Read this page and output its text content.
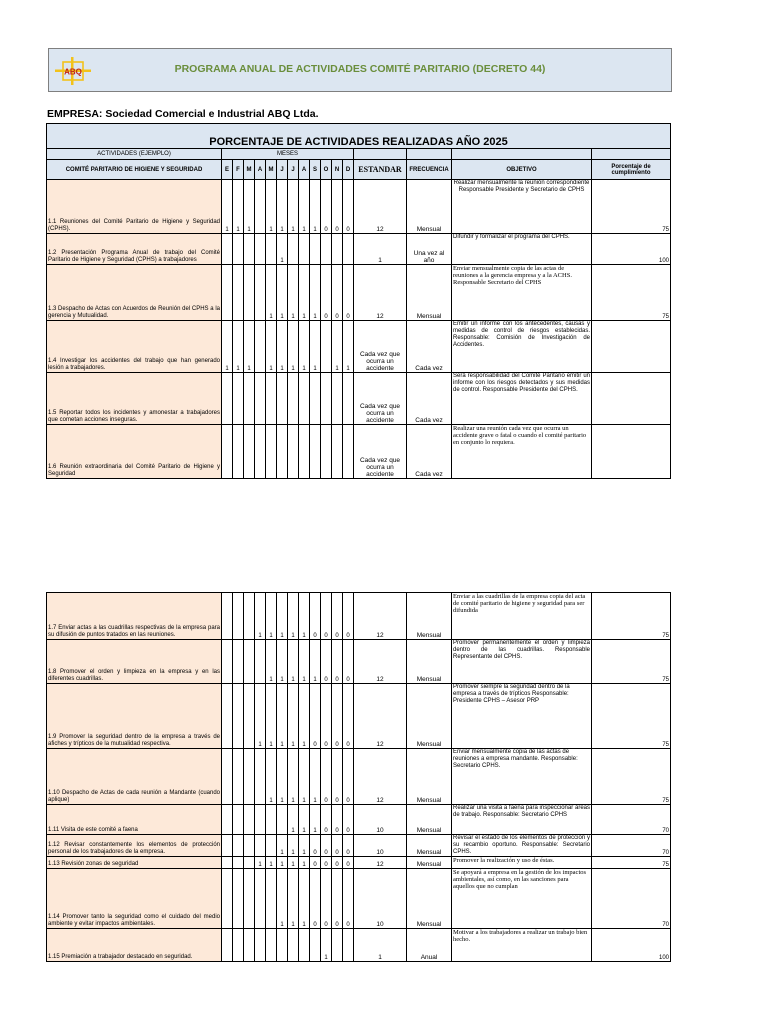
ABQ	PROGRAMA ANUAL DE ACTIVIDADES COMITÉ PARITARIO (DECRETO 44)
EMPRESA: Sociedad Comercial e Industrial ABQ Ltda.
PORCENTAJE DE ACTIVIDADES REALIZADAS AÑO 2025																
ACTIVIDADES (EJEMPLO)	MESES															
COMITÉ PARITARIO DE HIGIENE Y SEGURIDAD	E	F	M	A	M	J	J	A	S	O	N	D	ESTANDAR	FRECUENCIA	OBJETIVO	Porcentaje de cumplimiento
1.1 Reuniones del Comité Paritario de Higiene y Seguridad (CPHS).	1	1	1		1	1	1	1	1	0	0	0	12	Mensual	Realizar mensualmente la reunión correspondiente Responsable Presidente y Secretario de CPHS	75
1.2 Presentación Programa Anual de trabajo del Comité Paritario de Higiene y Seguridad (CPHS) a trabajadores						1							1	Una vez al año	Difundir y formalizar el programa del CPHS.	100
1.3 Despacho de Actas con Acuerdos de Reunión del CPHS a la gerencia y Mutualidad.					1	1	1	1	1	0	0	0	12	Mensual	Enviar mensualmente copia de las actas de reuniones a la gerencia empresa y a la ACHS. Responsable Secretario del CPHS	75
1.4 Investigar los accidentes del trabajo que han generado lesión a trabajadores.	1	1	1		1	1	1	1	1		1	1	Cada vez que ocurra un accidente	Cada vez	Emitir un informe con los antecedentes, causas y medidas de control de riesgos establecidas. Responsable: Comisión de Investigación de Accidentes.	
1.5 Reportar todos los incidentes y amonestar a trabajadores que cometan acciones inseguras.													Cada vez que ocurra un accidente	Cada vez	Será responsabilidad del Comité Paritario emitir un informe con los riesgos detectados y sus medidas de control. Responsable Presidente del CPHS.	
1.6 Reunión extraordinaria del Comité Paritario de Higiene y Seguridad													Cada vez que ocurra un accidente	Cada vez	Realizar una reunión cada vez que ocurra un accidente grave o fatal o cuando el comité paritario en conjunto lo requiera.	
1.7 Enviar actas a las cuadrillas respectivas de la empresa para su difusión de puntos tratados en las reuniones.				1	1	1	1	1	0	0	0	0	12	Mensual	Enviar a las cuadrillas de la empresa copia del acta de comité paritario de higiene y seguridad para ser difundida	75
1.8 Promover el orden y limpieza en la empresa y en las diferentes cuadrillas.					1	1	1	1	1	0	0	0	12	Mensual	Promover permanentemente el orden y limpieza dentro de las cuadrillas. Responsable Representante del CPHS.	75
1.9 Promover la seguridad dentro de la empresa a través de afiches y trípticos de la mutualidad respectiva.				1	1	1	1	1	0	0	0	0	12	Mensual	Promover siempre la seguridad dentro de la empresa a través de trípticos Responsable: Presidente CPHS – Asesor PRP	75
1.10 Despacho de Actas de cada reunión a Mandante (cuando aplique)					1	1	1	1	1	0	0	0	12	Mensual	Enviar mensualmente copia de las actas de reuniones a empresa mandante. Responsable: Secretario CPHS.	75
1.11 Visita de este comité a faena							1	1	1	0	0	0	10	Mensual	Realizar una visita a faena para inspeccionar áreas de trabajo. Responsable: Secretario CPHS	70
1.12 Revisar constantemente los elementos de protección personal de los trabajadores de la empresa.						1	1	1	0	0	0	0	10	Mensual	Revisar el estado de los elementos de protección y su recambio oportuno. Responsable: Secretario CPHS.	70
1.13 Revisión zonas de seguridad				1	1	1	1	1	0	0	0	0	12	Mensual	Promover la realización y uso de éstas.	75
1.14 Promover tanto la seguridad como el cuidado del medio ambiente y evitar impactos ambientales.						1	1	1	0	0	0	0	10	Mensual	Se apoyará a empresa en la gestión de los impactos ambientales, así como, en las sanciones para aquellos que no cumplan	70
1.15 Premiación a trabajador destacado en seguridad.										1			1	Anual	Motivar a los trabajadores a realizar un trabajo bien hecho.	100
